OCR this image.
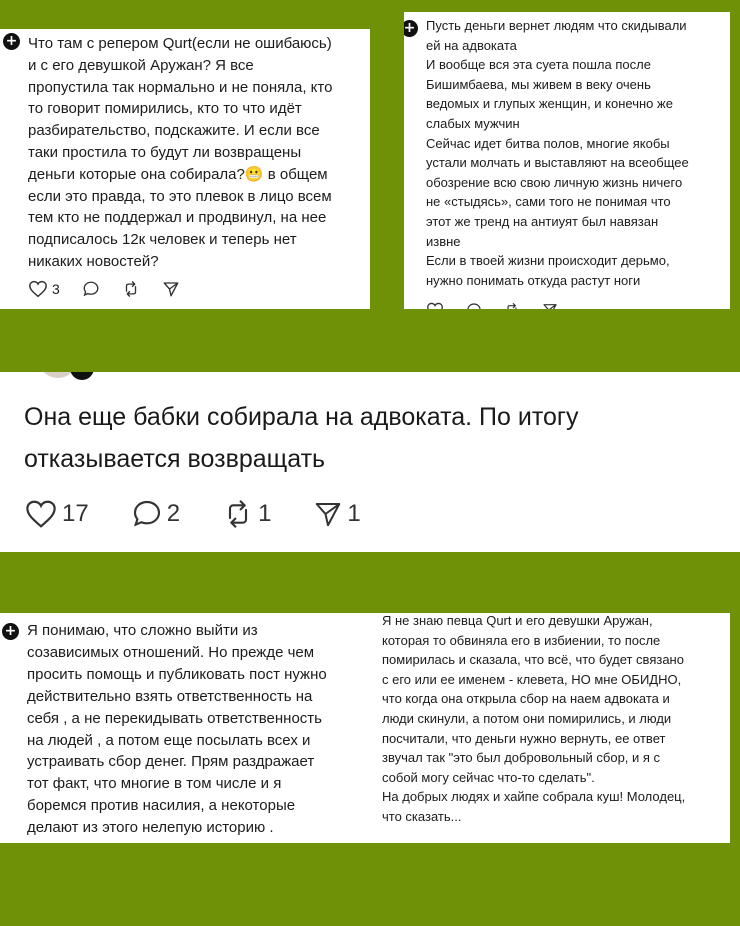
+ Что там с репером Qurt(если не ошибаюсь)
и с его девушкой Аружан? Я все
пропустила так нормально и не поняла, кто
то говорит помирились, кто то что идёт
разбирательство, подскажите. И если все
таки простила то будут ли возвращены
деньги которые она собирала?😬 в общем
если это правда, то это плевок в лицо всем
тем кто не поддержал и продвинул, на нее
подписалось 12к человек и теперь нет
никаких новостей?
3
+ Пусть деньги вернет людям что скидывали
ей на адвоката
И вообще вся эта суета пошла после
Бишимбаева, мы живем в веку очень
ведомых и глупых женщин, и конечно же
слабых мужчин
Сейчас идет битва полов, многие якобы
устали молчать и выставляют на всеобщее
обозрение всю свою личную жизнь ничего
не «стыдясь», сами того не понимая что
этот же тренд на антиуят был навязан
извне
Если в твоей жизни происходит дерьмо,
нужно понимать откуда растут ноги
Она еще бабки собирала на адвоката. По итогу
отказывается возвращать
17	2	1	1
+ Я понимаю, что сложно выйти из
созависимых отношений. Но прежде чем
просить помощь и публиковать пост нужно
действительно взять ответственность на
себя , а не перекидывать ответственность
на людей , а потом еще посылать всех и
устраивать сбор денег. Прям раздражает
тот факт, что многие в том числе и я
боремся против насилия, а некоторые
делают из этого нелепую историю .
Я не знаю певца Qurt и его девушки Аружан,
которая то обвиняла его в избиении, то после
помирилась и сказала, что всё, что будет связано
с его или ее именем - клевета, НО мне ОБИДНО,
что когда она открыла сбор на наем адвоката и
люди скинули, а потом они помирились, и люди
посчитали, что деньги нужно вернуть, ее ответ
звучал так "это был добровольный сбор, и я с
собой могу сейчас что-то сделать".
На добрых людях и хайпе собрала куш! Молодец,
что сказать...
